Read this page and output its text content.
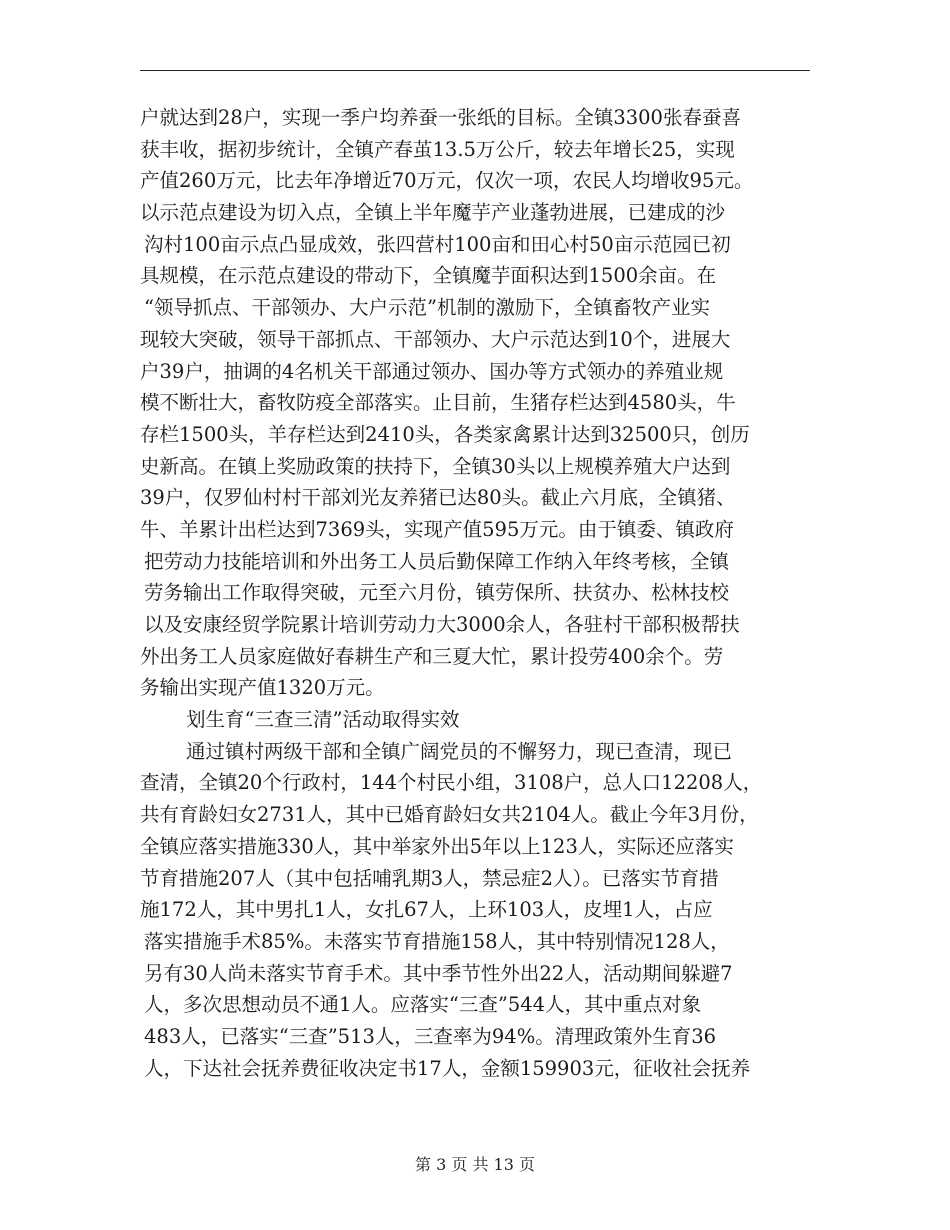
户就达到28户，实现一季户均养蚕一张纸的目标。全镇3300张春蚕喜
获丰收，据初步统计，全镇产春茧13.5万公斤，较去年增长25，实现
产值260万元，比去年净增近70万元，仅次一项，农民人均增收95元。
以示范点建设为切入点，全镇上半年魔芋产业蓬勃进展，已建成的沙
沟村100亩示点凸显成效，张四营村100亩和田心村50亩示范园已初
具规模，在示范点建设的带动下，全镇魔芋面积达到1500余亩。在
“领导抓点、干部领办、大户示范”机制的激励下，全镇畜牧产业实
现较大突破，领导干部抓点、干部领办、大户示范达到10个，进展大
户39户，抽调的4名机关干部通过领办、国办等方式领办的养殖业规
模不断壮大，畜牧防疫全部落实。止目前，生猪存栏达到4580头，牛
存栏1500头，羊存栏达到2410头，各类家禽累计达到32500只，创历
史新高。在镇上奖励政策的扶持下，全镇30头以上规模养殖大户达到
39户，仅罗仙村村干部刘光友养猪已达80头。截止六月底，全镇猪、
牛、羊累计出栏达到7369头，实现产值595万元。由于镇委、镇政府
把劳动力技能培训和外出务工人员后勤保障工作纳入年终考核，全镇
劳务输出工作取得突破，元至六月份，镇劳保所、扶贫办、松林技校
以及安康经贸学院累计培训劳动力大3000余人，各驻村干部积极帮扶
外出务工人员家庭做好春耕生产和三夏大忙，累计投劳400余个。劳
务输出实现产值1320万元。
划生育“三查三清”活动取得实效
通过镇村两级干部和全镇广阔党员的不懈努力，现已查清，现已
查清，全镇20个行政村，144个村民小组，3108户，总人口12208人，
共有育龄妇女2731人，其中已婚育龄妇女共2104人。截止今年3月份，
全镇应落实措施330人，其中举家外出5年以上123人，实际还应落实
节育措施207人（其中包括哺乳期3人，禁忌症2人）。已落实节育措
施172人，其中男扎1人，女扎67人，上环103人，皮埋1人，占应
落实措施手术85%。未落实节育措施158人，其中特别情况128人，
另有30人尚未落实节育手术。其中季节性外出22人，活动期间躲避7
人，多次思想动员不通1人。应落实“三查”544人，其中重点对象
483人，已落实“三查”513人，三查率为94%。清理政策外生育36
人，下达社会抚养费征收决定书17人，金额159903元，征收社会抚养
第 3 页 共 13 页
